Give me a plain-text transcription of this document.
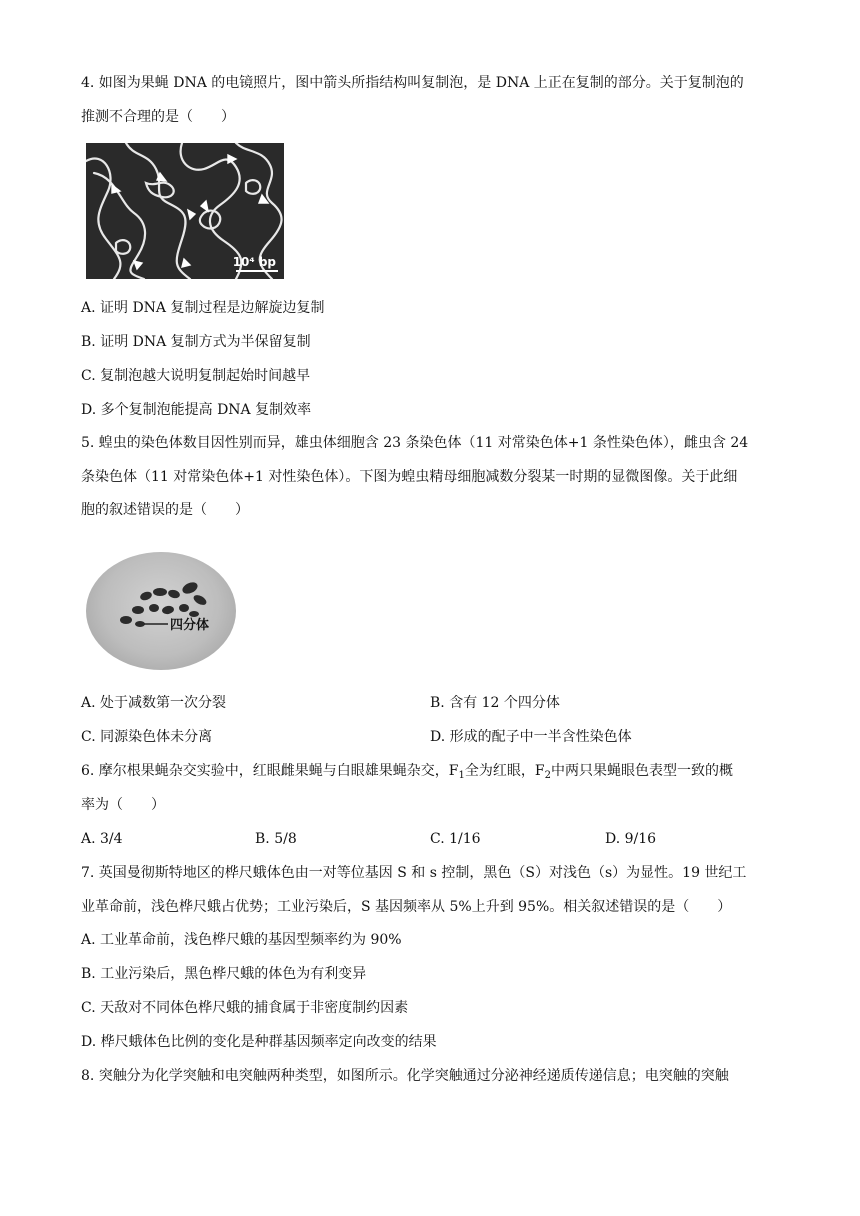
4. 如图为果蝇 DNA 的电镜照片，图中箭头所指结构叫复制泡，是 DNA 上正在复制的部分。关于复制泡的
推测不合理的是（　　）
10⁴ bp
A. 证明 DNA 复制过程是边解旋边复制
B. 证明 DNA 复制方式为半保留复制
C. 复制泡越大说明复制起始时间越早
D. 多个复制泡能提高 DNA 复制效率
5. 蝗虫的染色体数目因性别而异，雄虫体细胞含 23 条染色体（11 对常染色体+1 条性染色体），雌虫含 24
条染色体（11 对常染色体+1 对性染色体）。下图为蝗虫精母细胞减数分裂某一时期的显微图像。关于此细
胞的叙述错误的是（　　）
四分体
A. 处于减数第一次分裂	B. 含有 12 个四分体
C. 同源染色体未分离	D. 形成的配子中一半含性染色体
6. 摩尔根果蝇杂交实验中，红眼雌果蝇与白眼雄果蝇杂交，$F_1$全为红眼，$F_2$中两只果蝇眼色表型一致的概
率为（　　）
A. 3/4	B. 5/8	C. 1/16	D. 9/16
7. 英国曼彻斯特地区的桦尺蛾体色由一对等位基因 S 和 s 控制，黑色（S）对浅色（s）为显性。19 世纪工
业革命前，浅色桦尺蛾占优势；工业污染后，S 基因频率从 5%上升到 95%。相关叙述错误的是（　　）
A. 工业革命前，浅色桦尺蛾的基因型频率约为 90%
B. 工业污染后，黑色桦尺蛾的体色为有利变异
C. 天敌对不同体色桦尺蛾的捕食属于非密度制约因素
D. 桦尺蛾体色比例的变化是种群基因频率定向改变的结果
8. 突触分为化学突触和电突触两种类型，如图所示。化学突触通过分泌神经递质传递信息；电突触的突触
